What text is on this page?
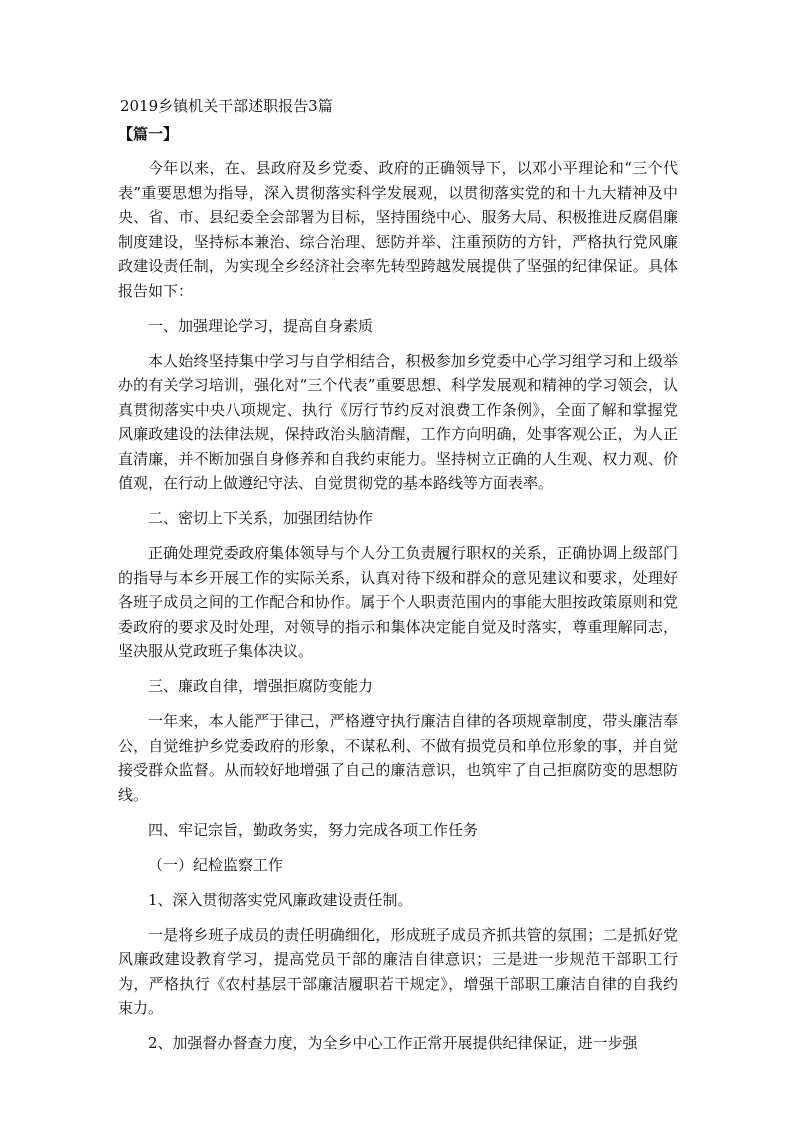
2019乡镇机关干部述职报告3篇
【篇一】

今年以来，在、县政府及乡党委、政府的正确领导下，以邓小平理论和“三个代表”重要思想为指导，深入贯彻落实科学发展观，以贯彻落实党的和十九大精神及中央、省、市、县纪委全会部署为目标，坚持围绕中心、服务大局、积极推进反腐倡廉制度建设，坚持标本兼治、综合治理、惩防并举、注重预防的方针，严格执行党风廉政建设责任制，为实现全乡经济社会率先转型跨越发展提供了坚强的纪律保证。具体报告如下：

一、加强理论学习，提高自身素质

本人始终坚持集中学习与自学相结合，积极参加乡党委中心学习组学习和上级举办的有关学习培训，强化对“三个代表”重要思想、科学发展观和精神的学习领会，认真贯彻落实中央八项规定、执行《厉行节约反对浪费工作条例》，全面了解和掌握党风廉政建设的法律法规，保持政治头脑清醒，工作方向明确，处事客观公正，为人正直清廉，并不断加强自身修养和自我约束能力。坚持树立正确的人生观、权力观、价值观，在行动上做遵纪守法、自觉贯彻党的基本路线等方面表率。

二、密切上下关系，加强团结协作

正确处理党委政府集体领导与个人分工负责履行职权的关系，正确协调上级部门的指导与本乡开展工作的实际关系，认真对待下级和群众的意见建议和要求，处理好各班子成员之间的工作配合和协作。属于个人职责范围内的事能大胆按政策原则和党委政府的要求及时处理，对领导的指示和集体决定能自觉及时落实，尊重理解同志，坚决服从党政班子集体决议。

三、廉政自律，增强拒腐防变能力

一年来，本人能严于律己，严格遵守执行廉洁自律的各项规章制度，带头廉洁奉公，自觉维护乡党委政府的形象，不谋私利、不做有损党员和单位形象的事，并自觉接受群众监督。从而较好地增强了自己的廉洁意识，也筑牢了自己拒腐防变的思想防线。

四、牢记宗旨，勤政务实，努力完成各项工作任务

（一）纪检监察工作

1、深入贯彻落实党风廉政建设责任制。

一是将乡班子成员的责任明确细化，形成班子成员齐抓共管的氛围；二是抓好党风廉政建设教育学习，提高党员干部的廉洁自律意识；三是进一步规范干部职工行为，严格执行《农村基层干部廉洁履职若干规定》，增强干部职工廉洁自律的自我约束力。

2、加强督办督查力度，为全乡中心工作正常开展提供纪律保证，进一步强
